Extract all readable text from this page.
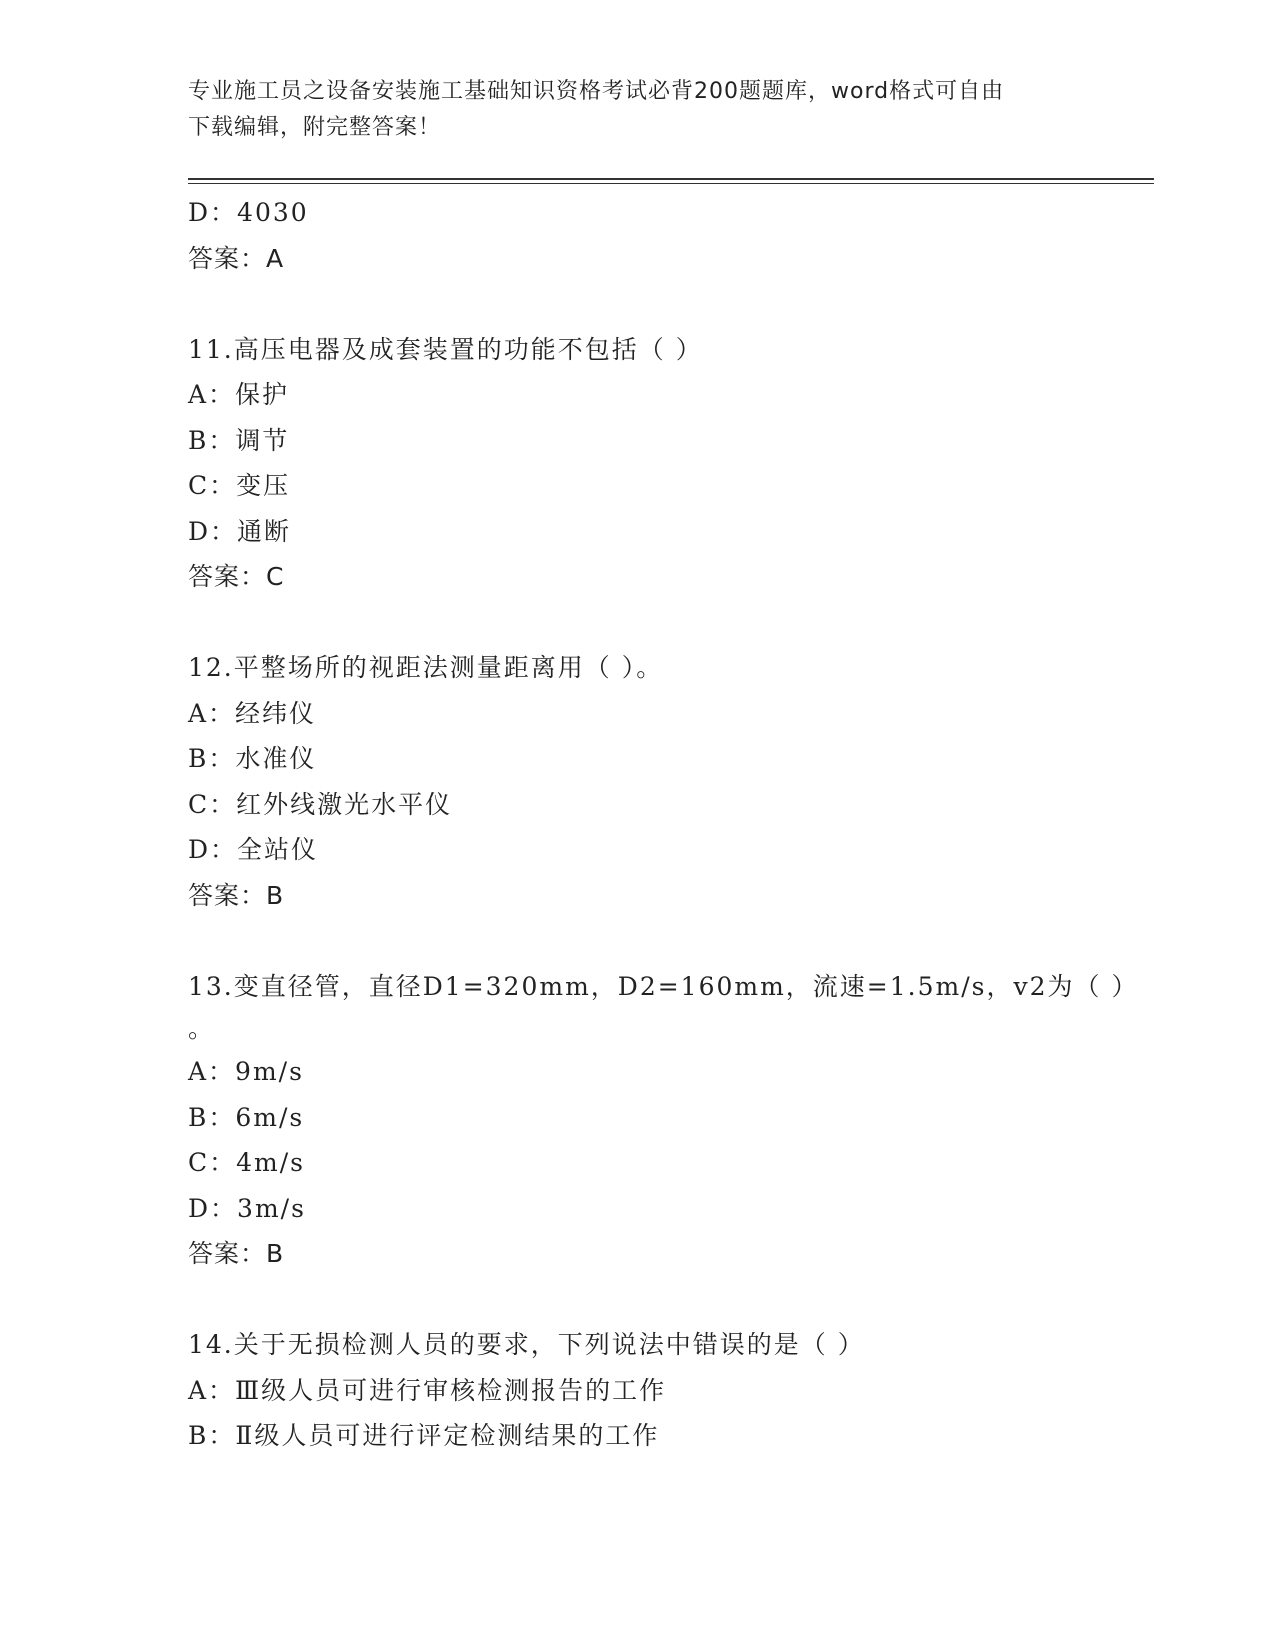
专业施工员之设备安装施工基础知识资格考试必背200题题库，word格式可自由
下载编辑，附完整答案！
D：4030
答案：A
11.高压电器及成套装置的功能不包括（ ）
A：保护
B：调节
C：变压
D：通断
答案：C
12.平整场所的视距法测量距离用（ ）。
A：经纬仪
B：水准仪
C：红外线激光水平仪
D：全站仪
答案：B
13.变直径管，直径D1=320mm，D2=160mm，流速=1.5m/s，v2为（ ）
。
A：9m/s
B：6m/s
C：4m/s
D：3m/s
答案：B
14.关于无损检测人员的要求，下列说法中错误的是（ ）
A：Ⅲ级人员可进行审核检测报告的工作
B：Ⅱ级人员可进行评定检测结果的工作
